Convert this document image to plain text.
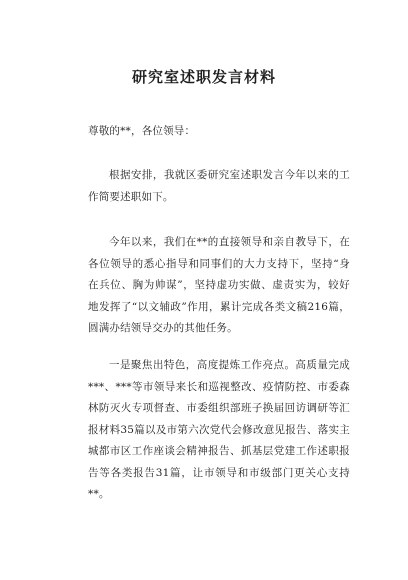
研究室述职发言材料

尊敬的**，各位领导：

根据安排，我就区委研究室述职发言今年以来的工作简要述职如下。

今年以来，我们在**的直接领导和亲自教导下，在各位领导的悉心指导和同事们的大力支持下，坚持“身在兵位、胸为帅谋”，坚持虚功实做、虚责实为，较好地发挥了“以文辅政”作用，累计完成各类文稿216篇，圆满办结领导交办的其他任务。

一是聚焦出特色，高度提炼工作亮点。高质量完成***、***等市领导来长和巡视整改、疫情防控、市委森林防灭火专项督查、市委组织部班子换届回访调研等汇报材料35篇以及市第六次党代会修改意见报告、落实主城都市区工作座谈会精神报告、抓基层党建工作述职报告等各类报告31篇，让市领导和市级部门更关心支持**。
